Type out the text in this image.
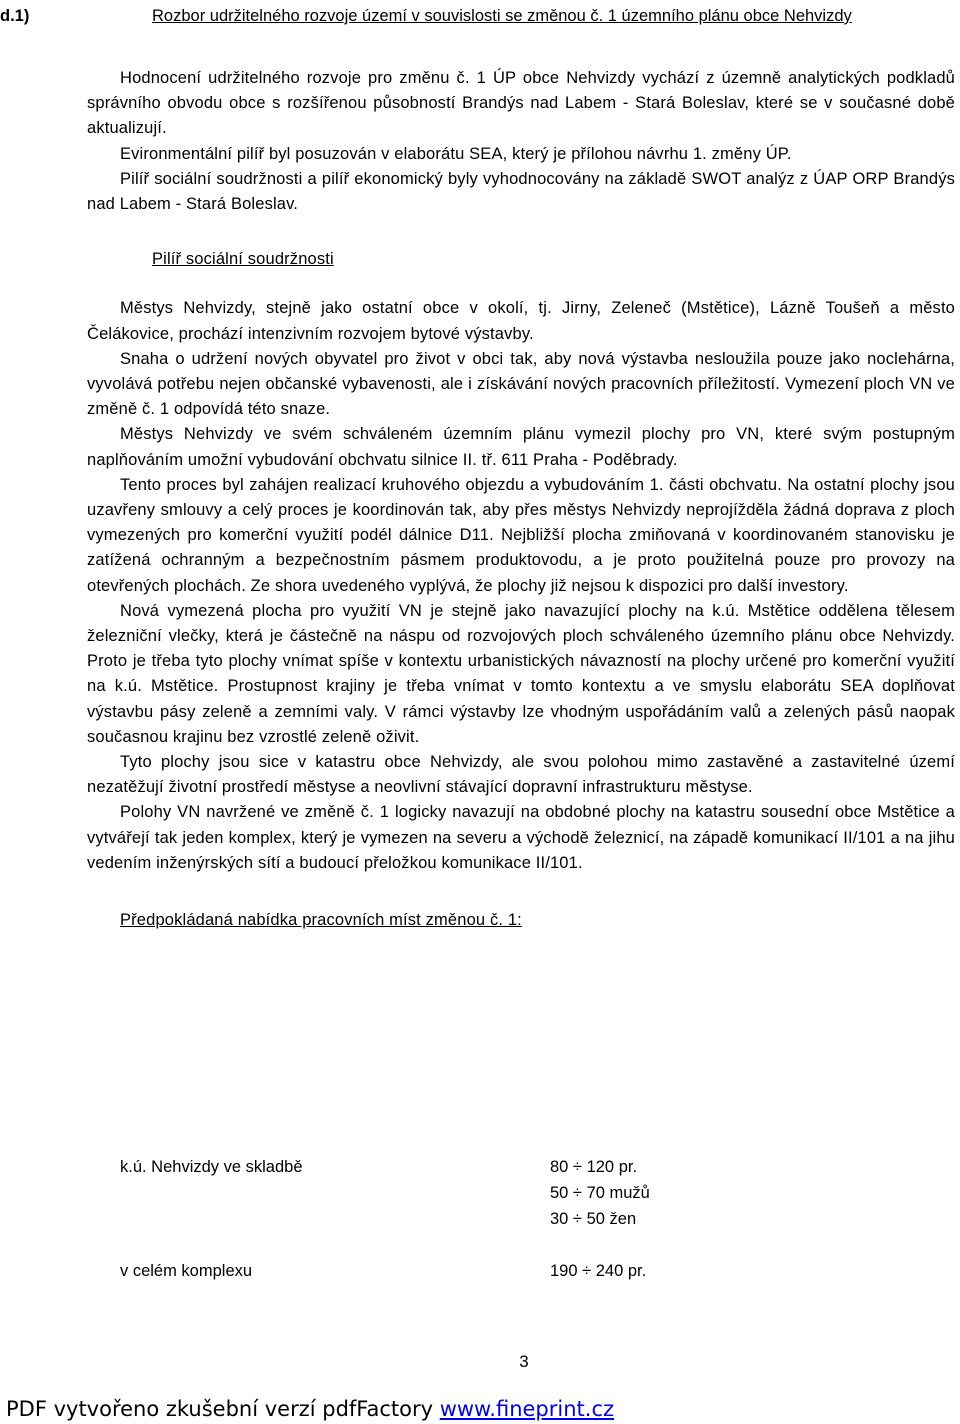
d.1)	Rozbor udržitelného rozvoje území v souvislosti se změnou č. 1 územního plánu obce Nehvizdy

Hodnocení udržitelného rozvoje pro změnu č. 1 ÚP obce Nehvizdy vychází z územně analytických podkladů správního obvodu obce s rozšířenou působností Brandýs nad Labem - Stará Boleslav, které se v současné době aktualizují.

Evironmentální pilíř byl posuzován v elaborátu SEA, který je přílohou návrhu 1. změny ÚP.

Pilíř sociální soudržnosti a pilíř ekonomický byly vyhodnocovány na základě SWOT analýz z ÚAP ORP Brandýs nad Labem - Stará Boleslav.

Pilíř sociální soudržnosti

Městys Nehvizdy, stejně jako ostatní obce v okolí, tj. Jirny, Zeleneč (Mstětice), Lázně Toušeň a město Čelákovice, prochází intenzivním rozvojem bytové výstavby.

Snaha o udržení nových obyvatel pro život v obci tak, aby nová výstavba nesloužila pouze jako noclehárna, vyvolává potřebu nejen občanské vybavenosti, ale i získávání nových pracovních příležitostí. Vymezení ploch VN ve změně č. 1 odpovídá této snaze.

Městys Nehvizdy ve svém schváleném územním plánu vymezil plochy pro VN, které svým postupným naplňováním umožní vybudování obchvatu silnice II. tř. 611 Praha - Poděbrady.

Tento proces byl zahájen realizací kruhového objezdu a vybudováním 1. části obchvatu. Na ostatní plochy jsou uzavřeny smlouvy a celý proces je koordinován tak, aby přes městys Nehvizdy neprojížděla žádná doprava z ploch vymezených pro komerční využití podél dálnice D11. Nejbližší plocha zmiňovaná v koordinovaném stanovisku je zatížená ochranným a bezpečnostním pásmem produktovodu, a je proto použitelná pouze pro provozy na otevřených plochách. Ze shora uvedeného vyplývá, že plochy již nejsou k dispozici pro další investory.

Nová vymezená plocha pro využití VN je stejně jako navazující plochy na k.ú. Mstětice oddělena tělesem železniční vlečky, která je částečně na náspu od rozvojových ploch schváleného územního plánu obce Nehvizdy. Proto je třeba tyto plochy vnímat spíše v kontextu urbanistických návazností na plochy určené pro komerční využití na k.ú. Mstětice. Prostupnost krajiny je třeba vnímat v tomto kontextu a ve smyslu elaborátu SEA doplňovat výstavbu pásy zeleně a zemními valy. V rámci výstavby lze vhodným uspořádáním valů a zelených pásů naopak současnou krajinu bez vzrostlé zeleně oživit.

Tyto plochy jsou sice v katastru obce Nehvizdy, ale svou polohou mimo zastavěné a zastavitelné území nezatěžují životní prostředí městyse a neovlivní stávající dopravní infrastrukturu městyse.

Polohy VN navržené ve změně č. 1 logicky navazují na obdobné plochy na katastru sousední obce Mstětice a vytvářejí tak jeden komplex, který je vymezen na severu a východě železnicí, na západě komunikací II/101 a na jihu vedením inženýrských sítí a budoucí přeložkou komunikace II/101.

Předpokládaná nabídka pracovních míst změnou č. 1:
k.ú. Nehvizdy ve skladbě	80 ÷ 120 pr.
50 ÷ 70 mužů
30 ÷ 50 žen
v celém komplexu	190 ÷ 240 pr.
3
PDF vytvořeno zkušební verzí pdfFactory www.fineprint.cz
